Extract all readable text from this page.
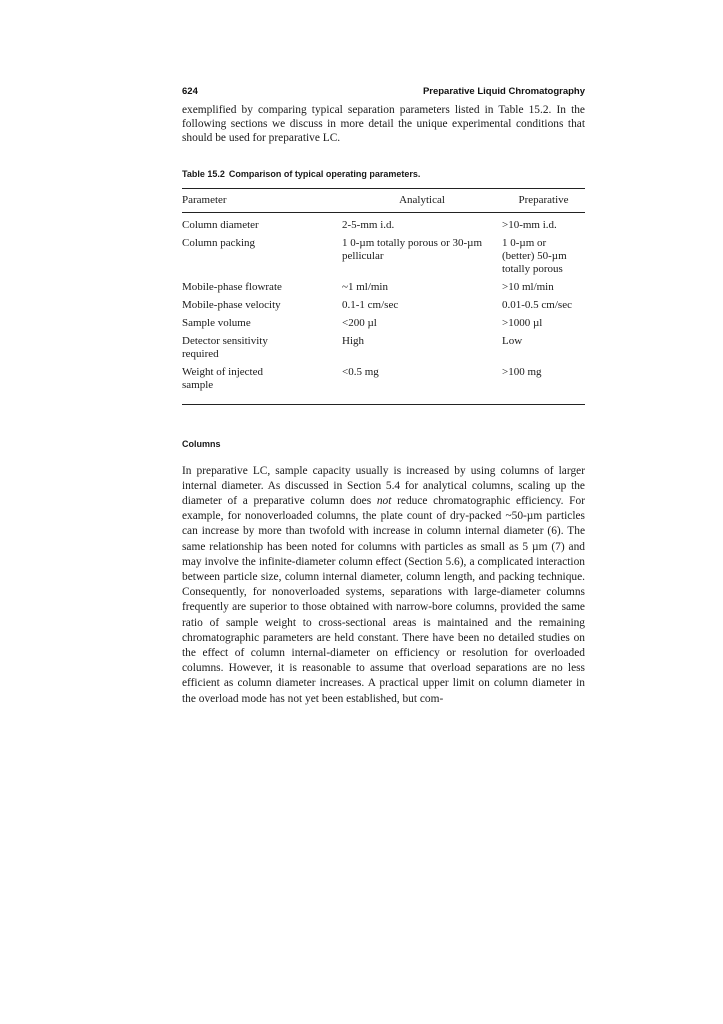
624	Preparative Liquid Chromatography

exemplified by comparing typical separation parameters listed in Table 15.2. In the following sections we discuss in more detail the unique experimental conditions that should be used for preparative LC.

Table 15.2 Comparison of typical operating parameters.
Parameter	Analytical	Preparative
Column diameter	2-5-mm i.d.	>10-mm i.d.
Column packing	1 0-µm totally porous or 30-µm pellicular	1 0-µm or (better) 50-µm totally porous
Mobile-phase flowrate	~1 ml/min	>10 ml/min
Mobile-phase velocity	0.1-1 cm/sec	0.01-0.5 cm/sec
Sample volume	<200 µl	>1000 µl
Detector sensitivity required	High	Low
Weight of injected sample	<0.5 mg	>100 mg
Columns

In preparative LC, sample capacity usually is increased by using columns of larger internal diameter. As discussed in Section 5.4 for analytical columns, scaling up the diameter of a preparative column does not reduce chromatographic efficiency. For example, for nonoverloaded columns, the plate count of dry-packed ~50-µm particles can increase by more than twofold with increase in column internal diameter (6). The same relationship has been noted for columns with particles as small as 5 µm (7) and may involve the infinite-diameter column effect (Section 5.6), a complicated interaction between particle size, column internal diameter, column length, and packing technique. Consequently, for nonoverloaded systems, separations with large-diameter columns frequently are superior to those obtained with narrow-bore columns, provided the same ratio of sample weight to cross-sectional areas is maintained and the remaining chromatographic parameters are held constant. There have been no detailed studies on the effect of column internal-diameter on efficiency or resolution for overloaded columns. However, it is reasonable to assume that overload separations are no less efficient as column diameter increases. A practical upper limit on column diameter in the overload mode has not yet been established, but com-
